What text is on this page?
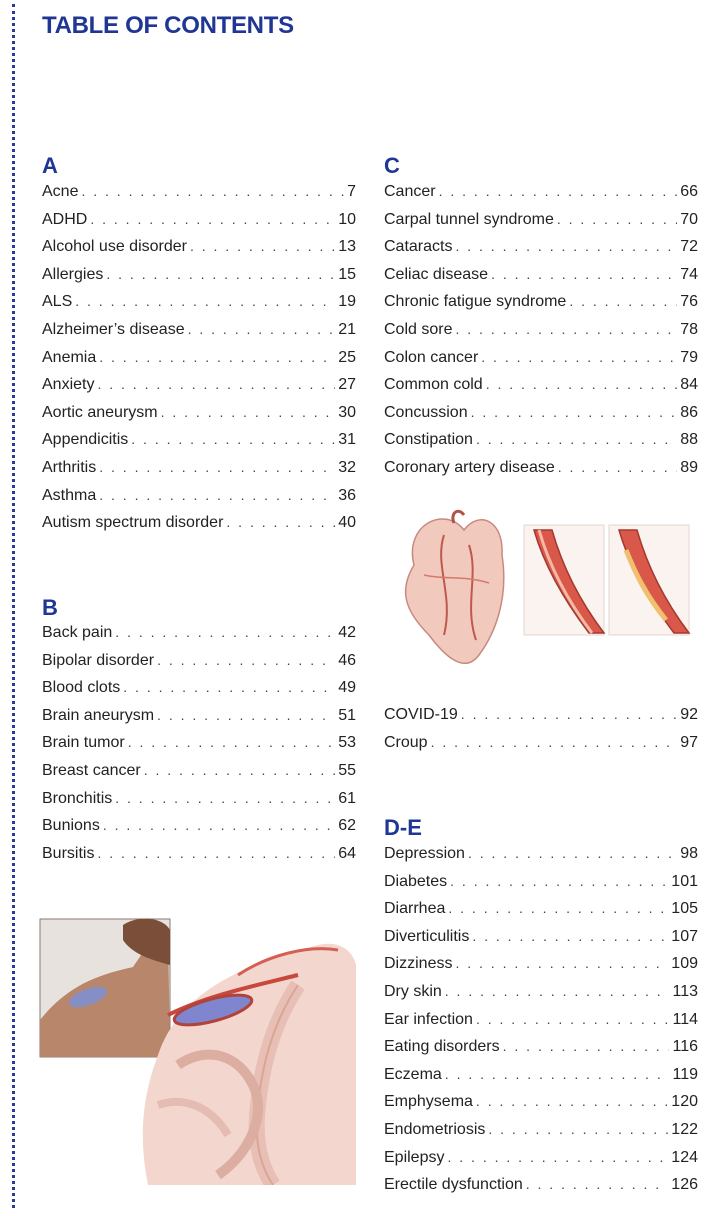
TABLE OF CONTENTS
A
Acne . . .	7
ADHD . . .	10
Alcohol use disorder . . .	13
Allergies . . .	15
ALS . . .	19
Alzheimer’s disease . . .	21
Anemia . . .	25
Anxiety . . .	27
Aortic aneurysm . . .	30
Appendicitis . . .	31
Arthritis . . .	32
Asthma . . .	36
Autism spectrum disorder . . .	40
B
Back pain . . .	42
Bipolar disorder . . .	46
Blood clots . . .	49
Brain aneurysm . . .	51
Brain tumor . . .	53
Breast cancer . . .	55
Bronchitis . . .	61
Bunions . . .	62
Bursitis . . .	64
C
Cancer . . .	66
Carpal tunnel syndrome . . .	70
Cataracts . . .	72
Celiac disease . . .	74
Chronic fatigue syndrome . . .	76
Cold sore . . .	78
Colon cancer . . .	79
Common cold . . .	84
Concussion . . .	86
Constipation . . .	88
Coronary artery disease . . .	89
COVID-19 . . .	92
Croup . . .	97
D-E
Depression . . .	98
Diabetes . . .	101
Diarrhea . . .	105
Diverticulitis . . .	107
Dizziness . . .	109
Dry skin . . .	113
Ear infection . . .	114
Eating disorders . . .	116
Eczema . . .	119
Emphysema . . .	120
Endometriosis . . .	122
Epilepsy . . .	124
Erectile dysfunction . . .	126
